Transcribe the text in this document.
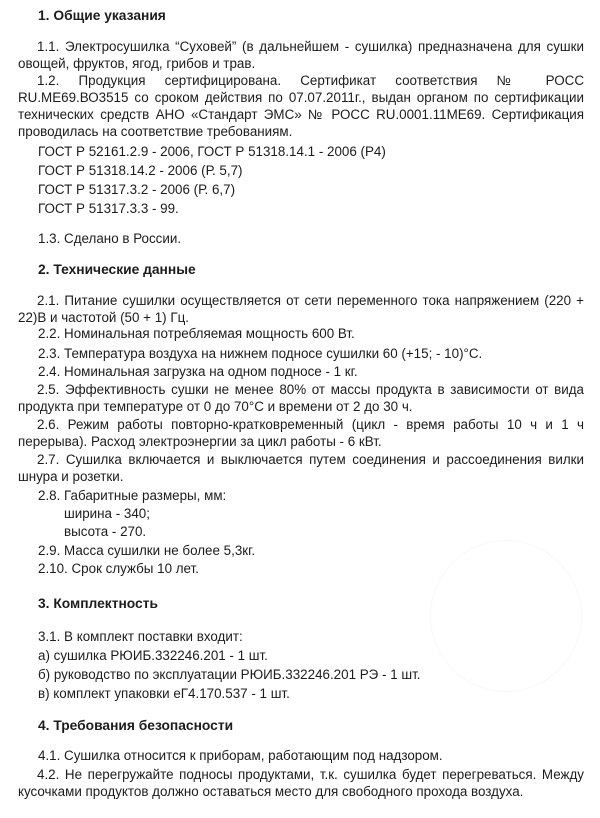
1. Общие указания
1.1. Электросушилка “Суховей” (в дальнейшем - сушилка) предназначена для сушки овощей, фруктов, ягод, грибов и трав.
1.2. Продукция сертифицирована. Сертификат соответствия № РОСС RU.МЕ69.ВО3515 со сроком действия по 07.07.2011г., выдан органом по сертификации технических средств АНО «Стандарт ЭМС» № РОСС RU.0001.11МЕ69. Сертификация проводилась на соответствие требованиям.
ГОСТ Р 52161.2.9 - 2006, ГОСТ Р 51318.14.1 - 2006 (Р4)
ГОСТ Р 51318.14.2 - 2006 (Р. 5,7)
ГОСТ Р 51317.3.2 - 2006 (Р. 6,7)
ГОСТ Р 51317.3.3 - 99.
1.3. Сделано в России.
2. Технические данные
2.1. Питание сушилки осуществляется от сети переменного тока напряжением (220 + 22)В и частотой (50 + 1) Гц.
2.2. Номинальная потребляемая мощность 600 Вт.
2.3. Температура воздуха на нижнем подносе сушилки 60 (+15; - 10)°С.
2.4. Номинальная загрузка на одном подносе - 1 кг.
2.5. Эффективность сушки не менее 80% от массы продукта в зависимости от вида продукта при температуре от 0 до 70°С и времени от 2 до 30 ч.
2.6. Режим работы повторно-кратковременный (цикл - время работы 10 ч и 1 ч перерыва). Расход электроэнергии за цикл работы - 6 кВт.
2.7. Сушилка включается и выключается путем соединения и рассоединения вилки шнура и розетки.
2.8. Габаритные размеры, мм:
ширина - 340;
высота - 270.
2.9. Масса сушилки не более 5,3кг.
2.10. Срок службы 10 лет.
3. Комплектность
3.1. В комплект поставки входит:
а) сушилка РЮИБ.332246.201 - 1 шт.
б) руководство по эксплуатации РЮИБ.332246.201 РЭ - 1 шт.
в) комплект упаковки еГ4.170.537 - 1 шт.
4. Требования безопасности
4.1. Сушилка относится к приборам, работающим под надзором.
4.2. Не перегружайте подносы продуктами, т.к. сушилка будет перегреваться. Между кусочками продуктов должно оставаться место для свободного прохода воздуха.
